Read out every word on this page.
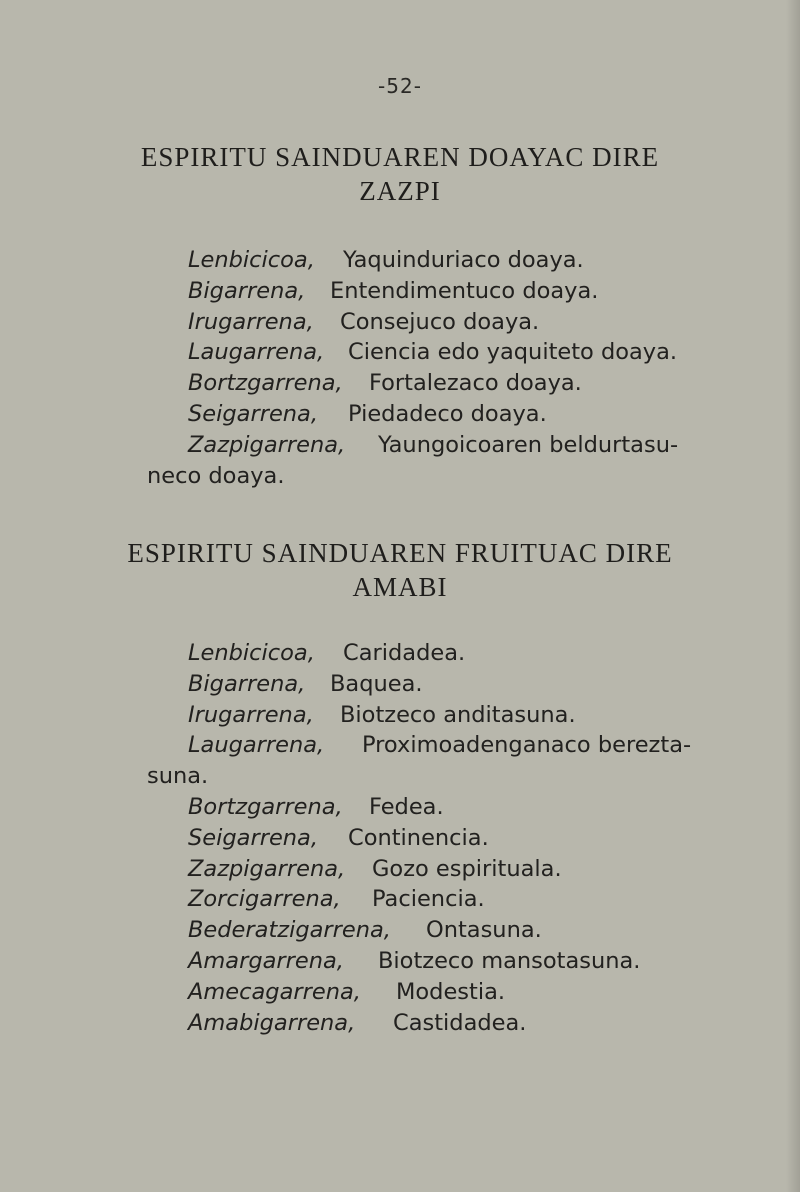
-52-
ESPIRITU SAINDUAREN DOAYAC DIRE
ZAZPI
Lenbicicoa, Yaquinduriaco doaya.
Bigarrena, Entendimentuco doaya.
Irugarrena, Consejuco doaya.
Laugarrena, Ciencia edo yaquiteto doaya.
Bortzgarrena, Fortalezaco doaya.
Seigarrena, Piedadeco doaya.
Zazpigarrena, Yaungoicoaren beldurtasu-
neco doaya.
ESPIRITU SAINDUAREN FRUITUAC DIRE
AMABI
Lenbicicoa, Caridadea.
Bigarrena, Baquea.
Irugarrena, Biotzeco anditasuna.
Laugarrena, Proximoadenganaco berezta-
suna.
Bortzgarrena, Fedea.
Seigarrena, Continencia.
Zazpigarrena, Gozo espirituala.
Zorcigarrena, Paciencia.
Bederatzigarrena, Ontasuna.
Amargarrena, Biotzeco mansotasuna.
Amecagarrena, Modestia.
Amabigarrena, Castidadea.
